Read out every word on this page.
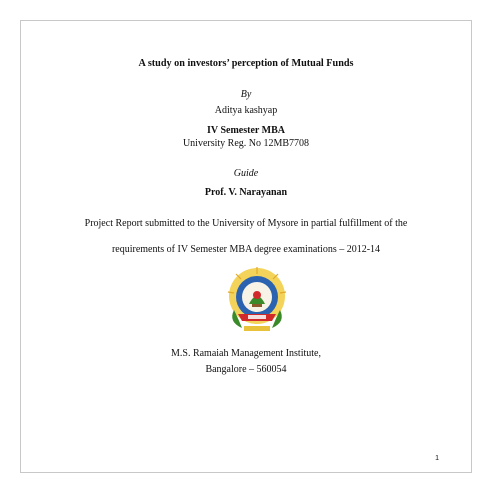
A study on investors’ perception of Mutual Funds
By
Aditya kashyap
IV Semester MBA
University Reg. No 12MB7708
Guide
Prof. V. Narayanan
Project Report submitted to the University of Mysore in partial fulfillment of the
requirements of IV Semester MBA degree examinations – 2012-14
M.S. Ramaiah Management Institute,
Bangalore – 560054
1
